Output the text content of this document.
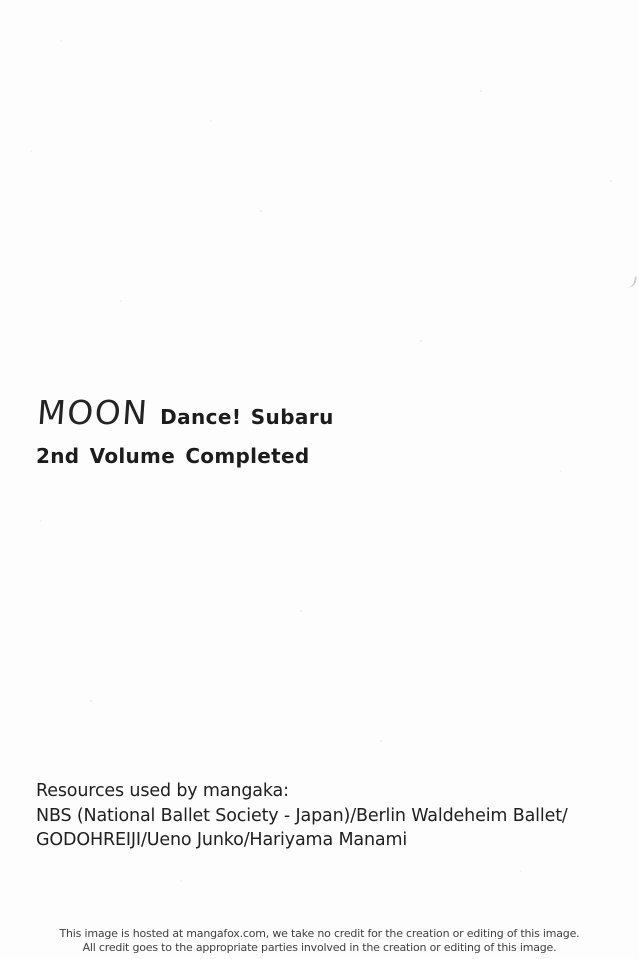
MOON Dance! Subaru
2nd Volume Completed
Resources used by mangaka:
NBS (National Ballet Society - Japan)/Berlin Waldeheim Ballet/
GODOHREIJI/Ueno Junko/Hariyama Manami
This image is hosted at mangafox.com, we take no credit for the creation or editing of this image.
All credit goes to the appropriate parties involved in the creation or editing of this image.
